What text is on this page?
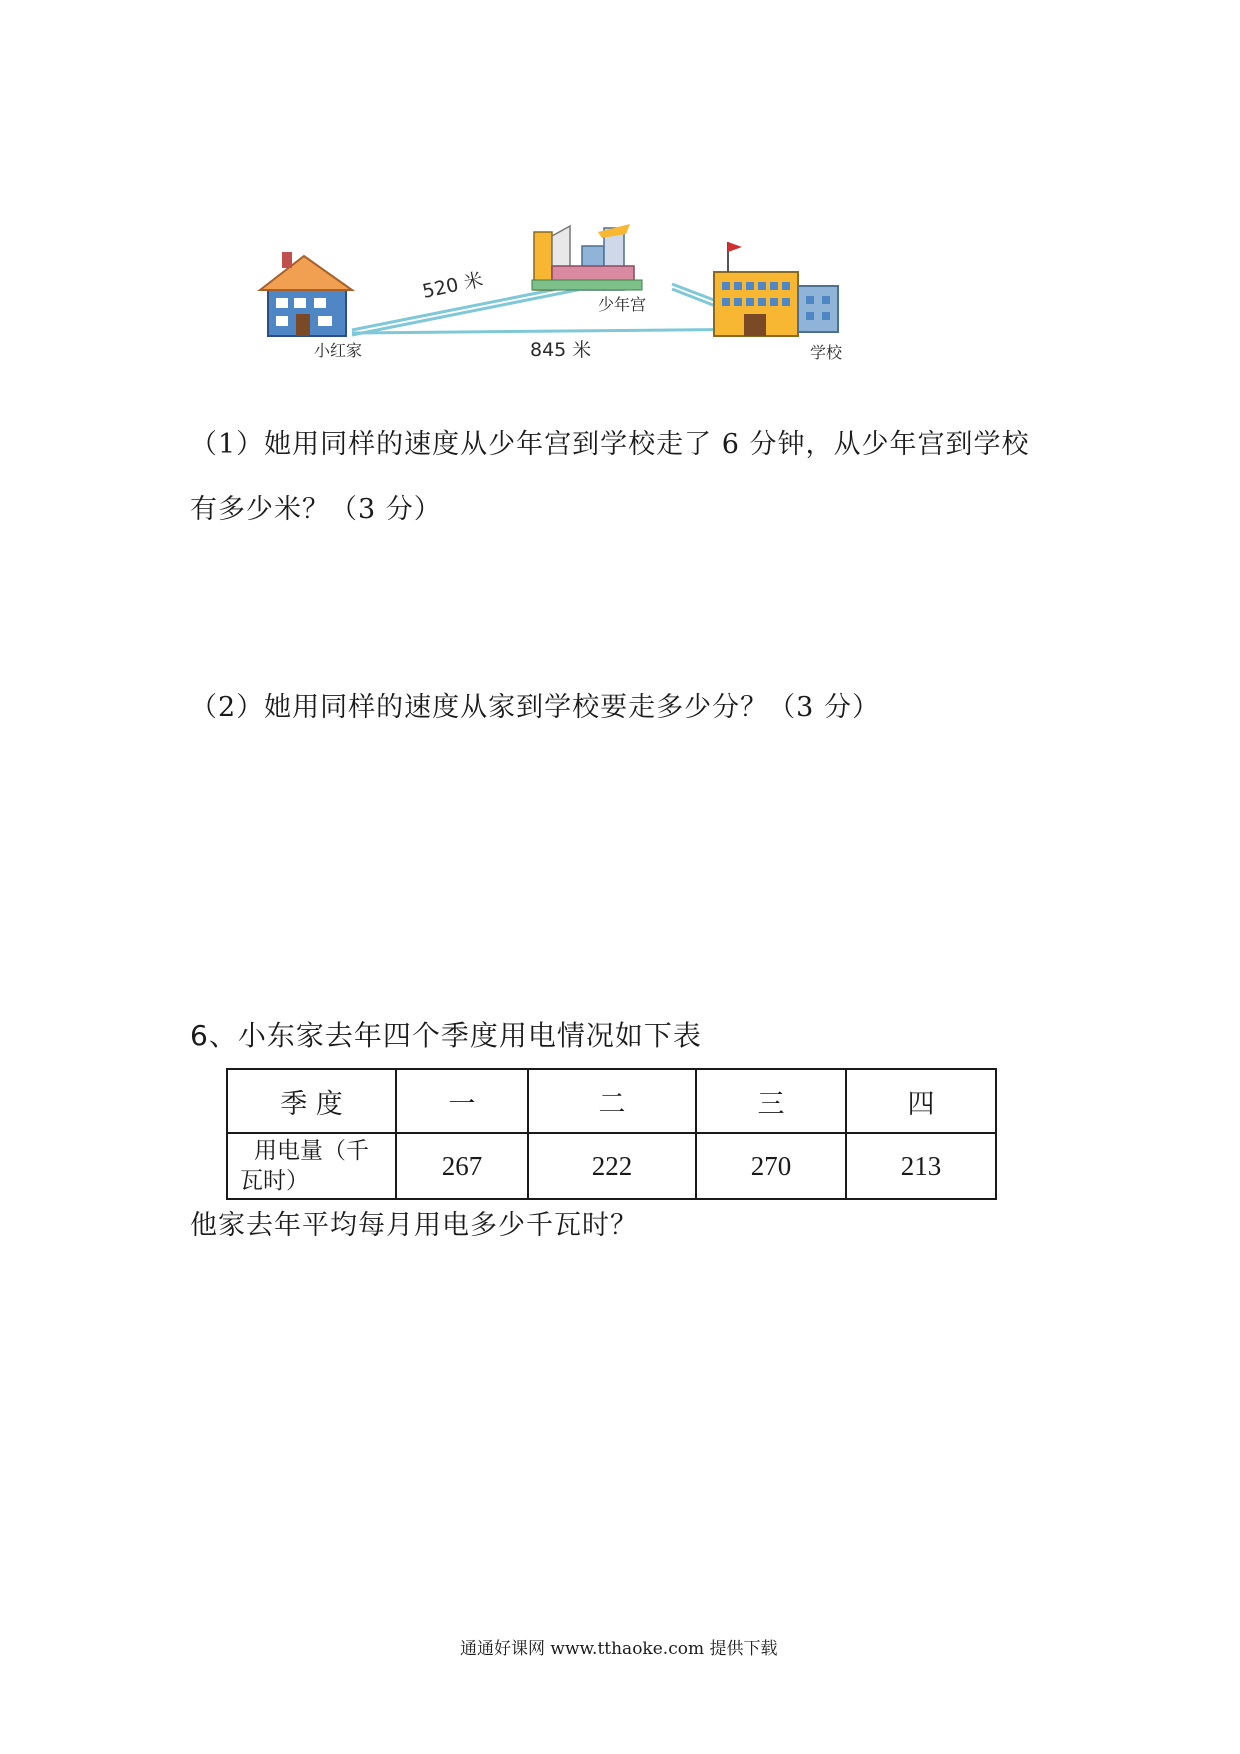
520 米
845 米
小红家
少年宫
学校
（1）她用同样的速度从少年宫到学校走了 6 分钟，从少年宫到学校
有多少米？（3 分）
（2）她用同样的速度从家到学校要走多少分？（3 分）
6、小东家去年四个季度用电情况如下表
季 度	一	二	三	四

用电量（千
瓦时）	267	222	270	213
他家去年平均每月用电多少千瓦时？
通通好课网 www.tthaoke.com 提供下载
